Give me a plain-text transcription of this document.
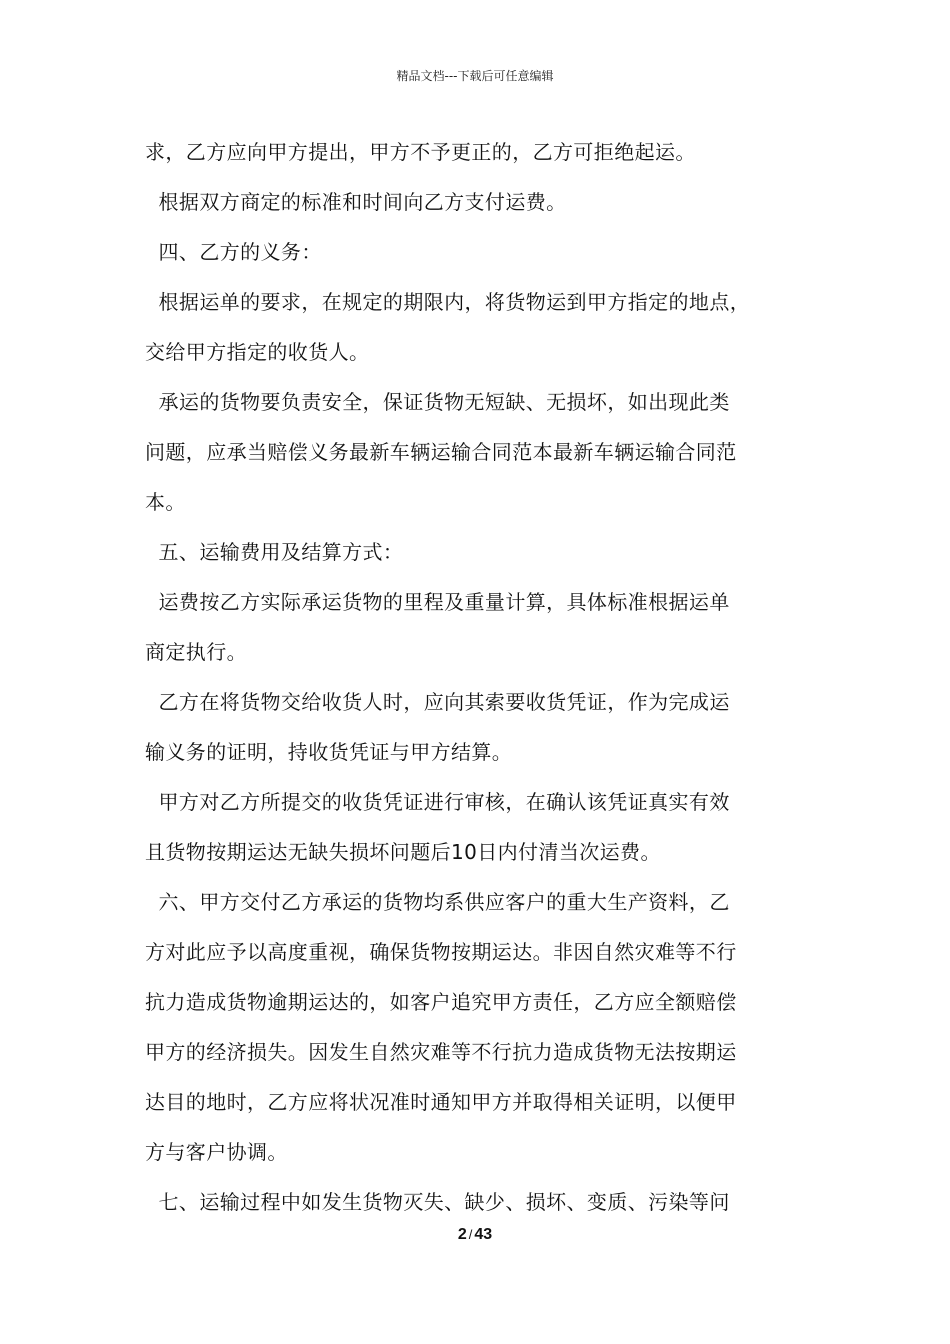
精品文档---下载后可任意编辑
求，乙方应向甲方提出，甲方不予更正的，乙方可拒绝起运。
根据双方商定的标准和时间向乙方支付运费。
四、乙方的义务：
根据运单的要求，在规定的期限内，将货物运到甲方指定的地点，
交给甲方指定的收货人。
承运的货物要负责安全，保证货物无短缺、无损坏，如出现此类
问题，应承当赔偿义务最新车辆运输合同范本最新车辆运输合同范
本。
五、运输费用及结算方式：
运费按乙方实际承运货物的里程及重量计算，具体标准根据运单
商定执行。
乙方在将货物交给收货人时，应向其索要收货凭证，作为完成运
输义务的证明，持收货凭证与甲方结算。
甲方对乙方所提交的收货凭证进行审核，在确认该凭证真实有效
且货物按期运达无缺失损坏问题后10日内付清当次运费。
六、甲方交付乙方承运的货物均系供应客户的重大生产资料，乙
方对此应予以高度重视，确保货物按期运达。非因自然灾难等不行
抗力造成货物逾期运达的，如客户追究甲方责任，乙方应全额赔偿
甲方的经济损失。因发生自然灾难等不行抗力造成货物无法按期运
达目的地时，乙方应将状况准时通知甲方并取得相关证明，以便甲
方与客户协调。
七、运输过程中如发生货物灭失、缺少、损坏、变质、污染等问
2 / 43
